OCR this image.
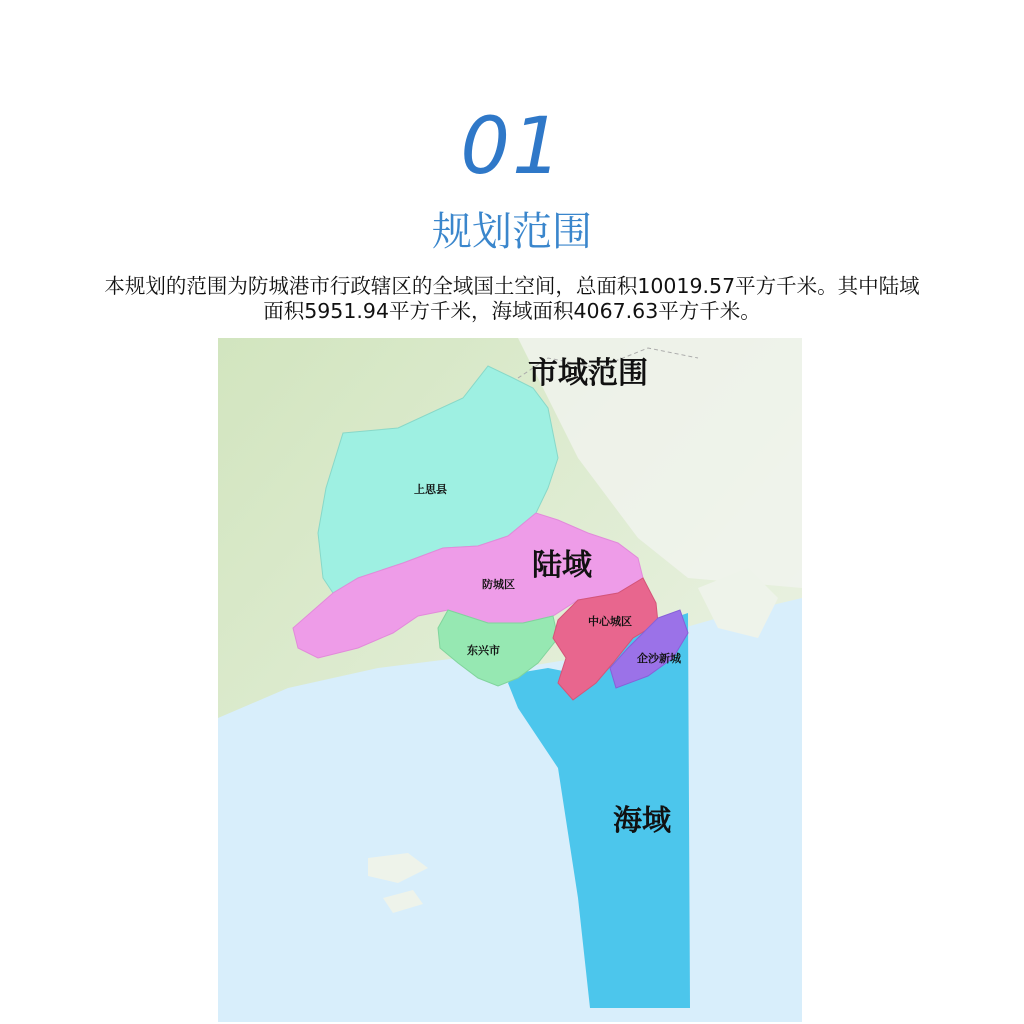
01
规划范围
本规划的范围为防城港市行政辖区的全域国土空间，总面积10019.57平方千米。其中陆域
面积5951.94平方千米，海域面积4067.63平方千米。
市域范围
陆域
海域
上思县
防城区
中心城区
东兴市
企沙新城
